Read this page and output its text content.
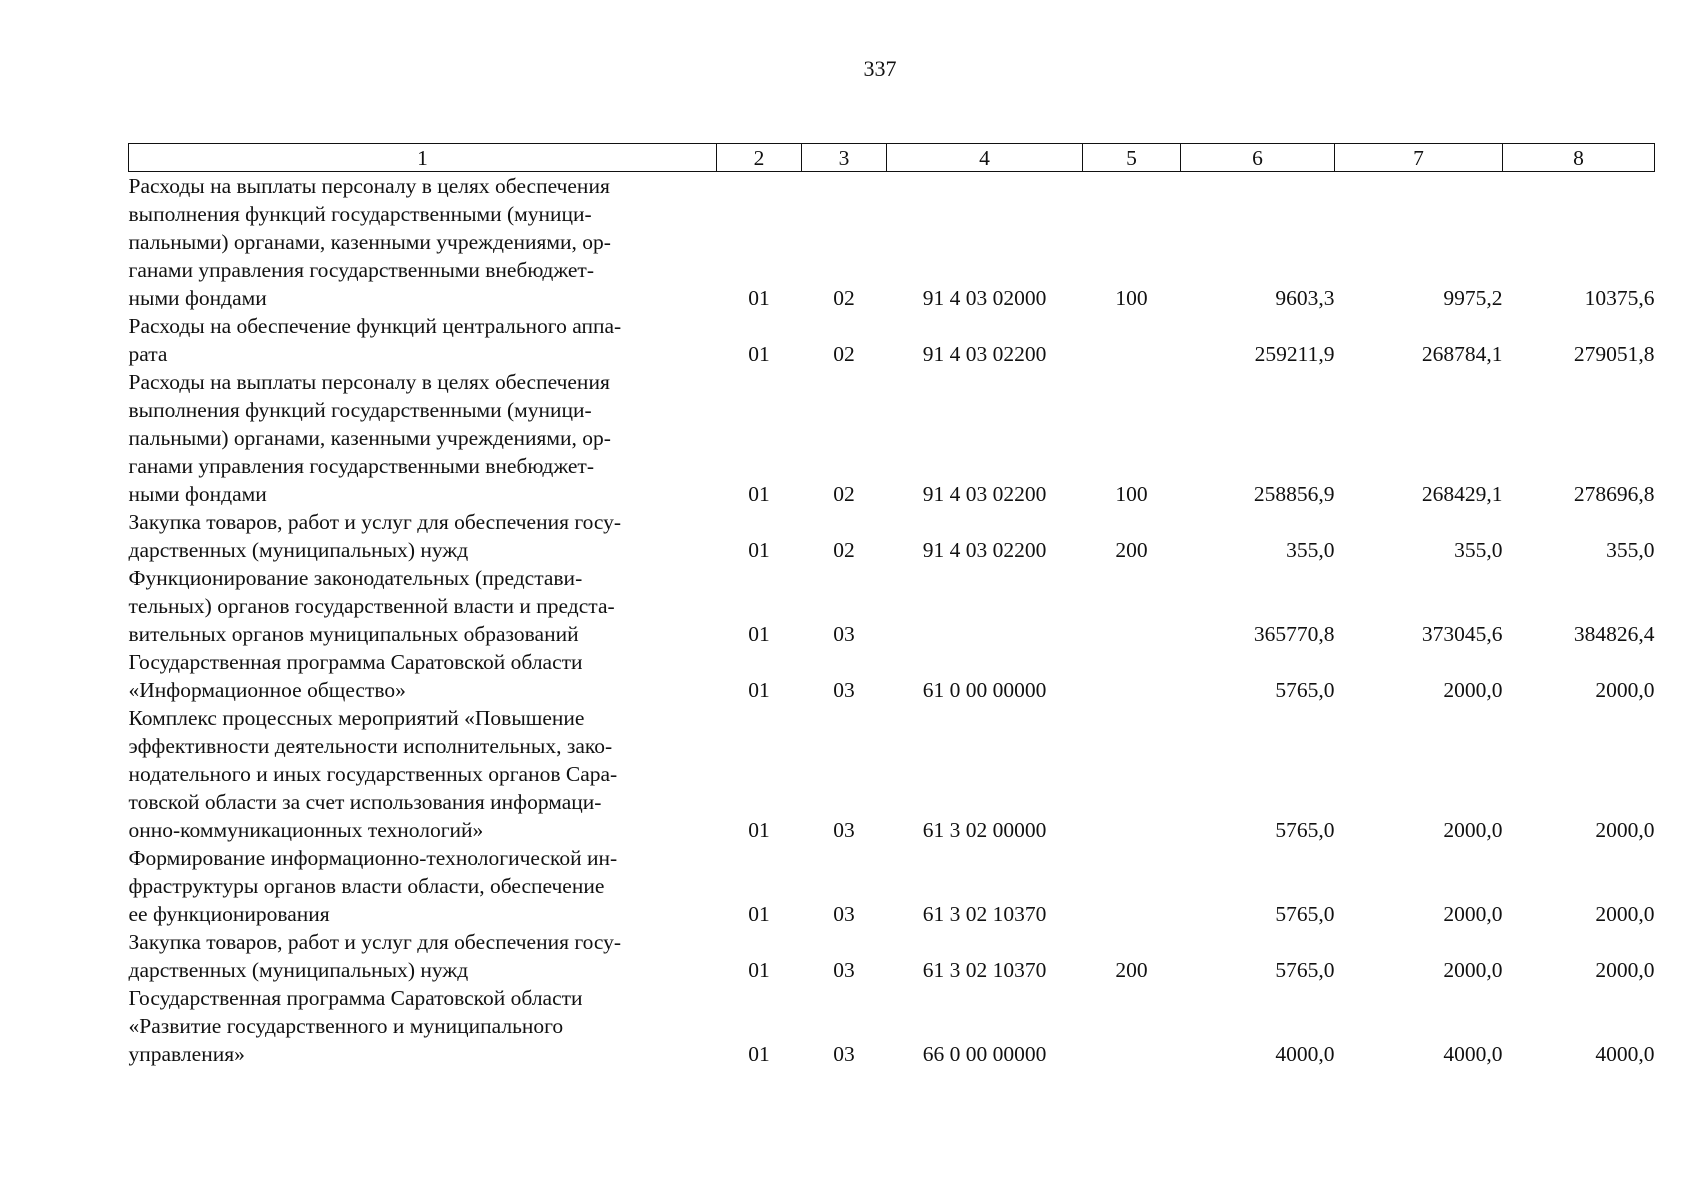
337
1	2	3	4	5	6	7	8
Расходы на выплаты персоналу в целях обеспечения
выполнения функций государственными (муници-
пальными) органами, казенными учреждениями, ор-
ганами управления государственными внебюджет-
ными фондами	01	02	91 4 03 02000	100	9603,3	9975,2	10375,6
Расходы на обеспечение функций центрального аппа-
рата	01	02	91 4 03 02200		259211,9	268784,1	279051,8
Расходы на выплаты персоналу в целях обеспечения
выполнения функций государственными (муници-
пальными) органами, казенными учреждениями, ор-
ганами управления государственными внебюджет-
ными фондами	01	02	91 4 03 02200	100	258856,9	268429,1	278696,8
Закупка товаров, работ и услуг для обеспечения госу-
дарственных (муниципальных) нужд	01	02	91 4 03 02200	200	355,0	355,0	355,0
Функционирование законодательных (представи-
тельных) органов государственной власти и предста-
вительных органов муниципальных образований	01	03			365770,8	373045,6	384826,4
Государственная программа Саратовской области
«Информационное общество»	01	03	61 0 00 00000		5765,0	2000,0	2000,0
Комплекс процессных мероприятий «Повышение
эффективности деятельности исполнительных, зако-
нодательного и иных государственных органов Сара-
товской области за счет использования информаци-
онно-коммуникационных технологий»	01	03	61 3 02 00000		5765,0	2000,0	2000,0
Формирование информационно-технологической ин-
фраструктуры органов власти области, обеспечение
ее функционирования	01	03	61 3 02 10370		5765,0	2000,0	2000,0
Закупка товаров, работ и услуг для обеспечения госу-
дарственных (муниципальных) нужд	01	03	61 3 02 10370	200	5765,0	2000,0	2000,0
Государственная программа Саратовской области
«Развитие государственного и муниципального
управления»	01	03	66 0 00 00000		4000,0	4000,0	4000,0
